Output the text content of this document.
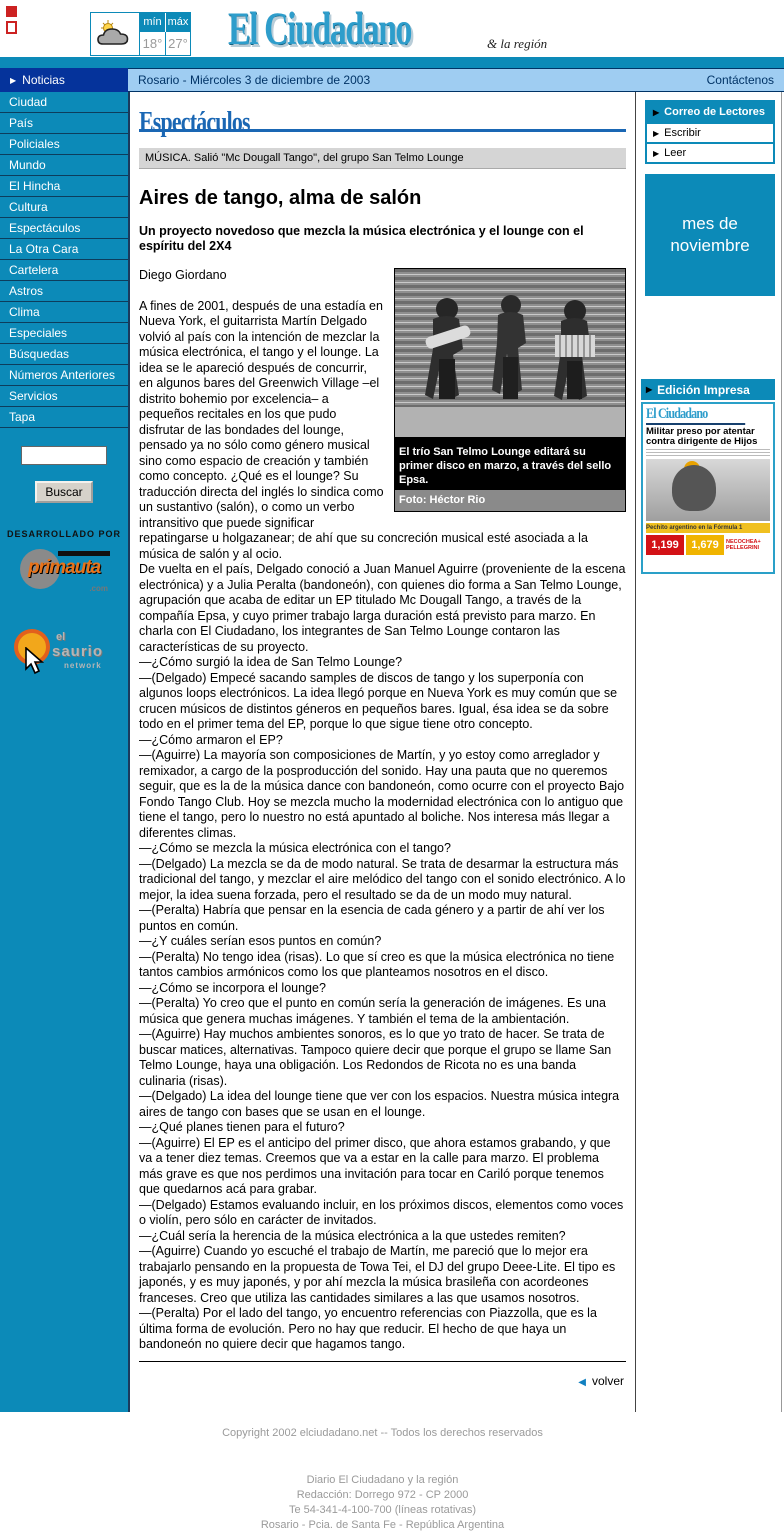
mín máx
18° 27° El Ciudadano	& la región
▶ Noticias	Rosario - Miércoles 3 de diciembre de 2003	Contáctenos
Ciudad
País
Policiales
Mundo
El Hincha
Cultura
Espectáculos
La Otra Cara
Cartelera
Astros
Clima
Especiales
Búsquedas
Números Anteriores
Servicios
Tapa

Buscar
DESARROLLADO POR
primauta
.com
el
saurio
network
Espectáculos
MÚSICA. Salió "Mc Dougall Tango", del grupo San Telmo Lounge
Aires de tango, alma de salón
Un proyecto novedoso que mezcla la música electrónica y el lounge con el espíritu del 2X4
El trío San Telmo Lounge editará su primer disco en marzo, a través del sello Epsa.
Foto: Héctor Rio
Diego Giordano
A fines de 2001, después de una estadía en Nueva York, el guitarrista Martín Delgado volvió al país con la intención de mezclar la música electrónica, el tango y el lounge. La idea se le apareció después de concurrir, en algunos bares del Greenwich Village –el distrito bohemio por excelencia– a pequeños recitales en los que pudo disfrutar de las bondades del lounge, pensado ya no sólo como género musical sino como espacio de creación y también como concepto. ¿Qué es el lounge? Su traducción directa del inglés lo sindica como un sustantivo (salón), o como un verbo intransitivo que puede significar repatingarse u holgazanear; de ahí que su concreción musical esté asociada a la música de salón y al ocio.
De vuelta en el país, Delgado conoció a Juan Manuel Aguirre (proveniente de la escena electrónica) y a Julia Peralta (bandoneón), con quienes dio forma a San Telmo Lounge, agrupación que acaba de editar un EP titulado Mc Dougall Tango, a través de la compañía Epsa, y cuyo primer trabajo larga duración está previsto para marzo. En charla con El Ciudadano, los integrantes de San Telmo Lounge contaron las características de su proyecto.
—¿Cómo surgió la idea de San Telmo Lounge?
—(Delgado) Empecé sacando samples de discos de tango y los superponía con algunos loops electrónicos. La idea llegó porque en Nueva York es muy común que se crucen músicos de distintos géneros en pequeños bares. Igual, ésa idea se da sobre todo en el primer tema del EP, porque lo que sigue tiene otro concepto.
—¿Cómo armaron el EP?
—(Aguirre) La mayoría son composiciones de Martín, y yo estoy como arreglador y remixador, a cargo de la posproducción del sonido. Hay una pauta que no queremos seguir, que es la de la música dance con bandoneón, como ocurre con el proyecto Bajo Fondo Tango Club. Hoy se mezcla mucho la modernidad electrónica con lo antiguo que tiene el tango, pero lo nuestro no está apuntado al boliche. Nos interesa más llegar a diferentes climas.
—¿Cómo se mezcla la música electrónica con el tango?
—(Delgado) La mezcla se da de modo natural. Se trata de desarmar la estructura más tradicional del tango, y mezclar el aire melódico del tango con el sonido electrónico. A lo mejor, la idea suena forzada, pero el resultado se da de un modo muy natural.
—(Peralta) Habría que pensar en la esencia de cada género y a partir de ahí ver los puntos en común.
—¿Y cuáles serían esos puntos en común?
—(Peralta) No tengo idea (risas). Lo que sí creo es que la música electrónica no tiene tantos cambios armónicos como los que planteamos nosotros en el disco.
—¿Cómo se incorpora el lounge?
—(Peralta) Yo creo que el punto en común sería la generación de imágenes. Es una música que genera muchas imágenes. Y también el tema de la ambientación.
—(Aguirre) Hay muchos ambientes sonoros, es lo que yo trato de hacer. Se trata de buscar matices, alternativas. Tampoco quiere decir que porque el grupo se llame San Telmo Lounge, haya una obligación. Los Redondos de Ricota no es una banda culinaria (risas).
—(Delgado) La idea del lounge tiene que ver con los espacios. Nuestra música integra aires de tango con bases que se usan en el lounge.
—¿Qué planes tienen para el futuro?
—(Aguirre) El EP es el anticipo del primer disco, que ahora estamos grabando, y que va a tener diez temas. Creemos que va a estar en la calle para marzo. El problema más grave es que nos perdimos una invitación para tocar en Cariló porque tenemos que quedarnos acá para grabar.
—(Delgado) Estamos evaluando incluir, en los próximos discos, elementos como voces o violín, pero sólo en carácter de invitados.
—¿Cuál sería la herencia de la música electrónica a la que ustedes remiten?
—(Aguirre) Cuando yo escuché el trabajo de Martín, me pareció que lo mejor era trabajarlo pensando en la propuesta de Towa Tei, el DJ del grupo Deee-Lite. El tipo es japonés, y es muy japonés, y por ahí mezcla la música brasileña con acordeones franceses. Creo que utiliza las cantidades similares a las que usamos nosotros.
—(Peralta) Por el lado del tango, yo encuentro referencias con Piazzolla, que es la última forma de evolución. Pero no hay que reducir. El hecho de que haya un bandoneón no quiere decir que hagamos tango.
◀ volver
Copyright 2002 elciudadano.net -- Todos los derechos reservados
Diario El Ciudadano y la región
Redacción: Dorrego 972 - CP 2000
Te 54-341-4-100-700 (líneas rotativas)
Rosario - Pcia. de Santa Fe - República Argentina
▶ Correo de Lectores
▶ Escribir
▶ Leer
mes de noviembre
▶ Edición Impresa
El Ciudadano
Militar preso por atentar contra dirigente de Hijos
Pechito argentino en la Fórmula 1
1,199	1,679	NECOCHEA+ PELLEGRINI
